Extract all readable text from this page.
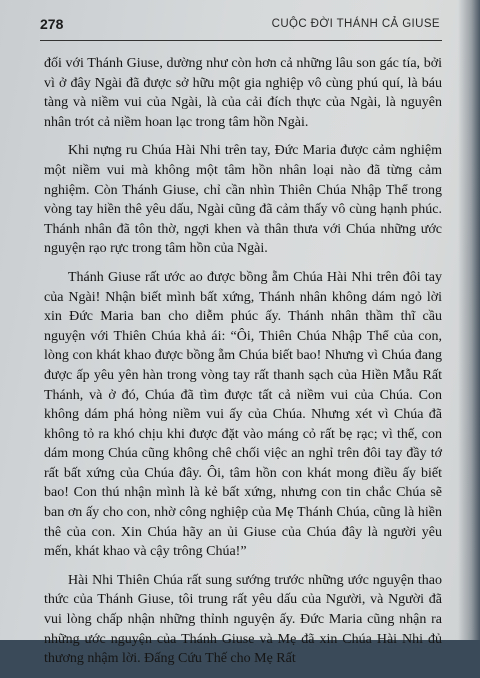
278	CUỘC ĐỜI THÁNH CẢ GIUSE

đối với Thánh Giuse, dường như còn hơn cả những lâu son gác tía, bởi vì ở đây Ngài đã được sở hữu một gia nghiệp vô cùng phú quí, là báu tàng và niềm vui của Ngài, là của cải đích thực của Ngài, là nguyên nhân trót cả niềm hoan lạc trong tâm hồn Ngài.

Khi nựng ru Chúa Hài Nhi trên tay, Đức Maria được cảm nghiệm một niềm vui mà không một tâm hồn nhân loại nào đã từng cảm nghiệm. Còn Thánh Giuse, chỉ cần nhìn Thiên Chúa Nhập Thể trong vòng tay hiền thê yêu dấu, Ngài cũng đã cảm thấy vô cùng hạnh phúc. Thánh nhân đã tôn thờ, ngợi khen và thân thưa với Chúa những ước nguyện rạo rực trong tâm hồn của Ngài.

Thánh Giuse rất ước ao được bồng ẵm Chúa Hài Nhi trên đôi tay của Ngài! Nhận biết mình bất xứng, Thánh nhân không dám ngỏ lời xin Đức Maria ban cho diễm phúc ấy. Thánh nhân thầm thĩ cầu nguyện với Thiên Chúa khả ái: “Ôi, Thiên Chúa Nhập Thể của con, lòng con khát khao được bồng ẵm Chúa biết bao! Nhưng vì Chúa đang được ấp yêu yên hàn trong vòng tay rất thanh sạch của Hiền Mẫu Rất Thánh, và ở đó, Chúa đã tìm được tất cả niềm vui của Chúa. Con không dám phá hỏng niềm vui ấy của Chúa. Nhưng xét vì Chúa đã không tỏ ra khó chịu khi được đặt vào máng cỏ rất bẹ rạc; vì thế, con dám mong Chúa cũng không chê chối việc an nghỉ trên đôi tay đầy tớ rất bất xứng của Chúa đây. Ôi, tâm hồn con khát mong điều ấy biết bao! Con thú nhận mình là kẻ bất xứng, nhưng con tin chắc Chúa sẽ ban ơn ấy cho con, nhờ công nghiệp của Mẹ Thánh Chúa, cũng là hiền thê của con. Xin Chúa hãy an ủi Giuse của Chúa đây là người yêu mến, khát khao và cậy trông Chúa!”

Hài Nhi Thiên Chúa rất sung sướng trước những ước nguyện thao thức của Thánh Giuse, tôi trung rất yêu dấu của Người, và Người đã vui lòng chấp nhận những thỉnh nguyện ấy. Đức Maria cũng nhận ra những ước nguyện của Thánh Giuse và Mẹ đã xin Chúa Hài Nhi đủ thương nhậm lời. Đấng Cứu Thế cho Mẹ Rất
